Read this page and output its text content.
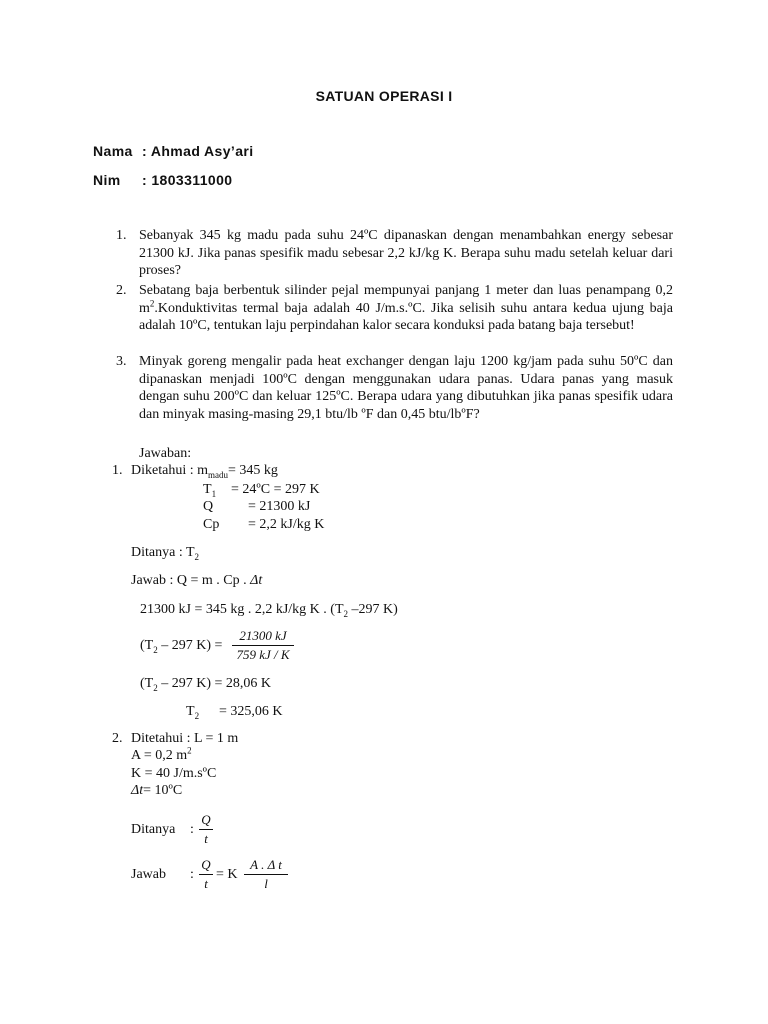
SATUAN OPERASI I
Nama : Ahmad Asy’ari
Nim : 1803311000
1. Sebanyak 345 kg madu pada suhu 24ºC dipanaskan dengan menambahkan energy sebesar 21300 kJ. Jika panas spesifik madu sebesar 2,2 kJ/kg K. Berapa suhu madu setelah keluar dari proses?
2. Sebatang baja berbentuk silinder pejal mempunyai panjang 1 meter dan luas penampang 0,2 $m^2.Konduktivitas$ termal baja adalah 40 J/m.s.ºC. Jika selisih suhu antara kedua ujung baja adalah 10ºC, tentukan laju perpindahan kalor secara konduksi pada batang baja tersebut!
3. Minyak goreng mengalir pada heat exchanger dengan laju 1200 kg/jam pada suhu 50ºC dan dipanaskan menjadi 100ºC dengan menggunakan udara panas. Udara panas yang masuk dengan suhu 200ºC dan keluar 125ºC. Berapa udara yang dibutuhkan jika panas spesifik udara dan minyak masing-masing 29,1 btu/lb ºF dan 0,45 btu/lbºF?
Jawaban:
1. Diketahui : $m_{madu}= 345$ kg
$T_1$ = 24ºC = 297 K
Q = 21300 kJ
Cp = 2,2 kJ/kg K
Ditanya : $T_2$
Jawab : Q = m . Cp . Δt
21300 kJ = 345 kg . 2,2 kJ/kg K . ($T_2$ –297 K)
($T_2 - 297$ K) =
21300 kJ
759 kJ / K
($T_2 - 297$ K) = 28,06 K
$T_2 = 325,06$ K
2. Ditetahui : L = 1 m
A = 0,2 $m^2$
K = 40 J/m.sºC
Δt= 10ºC
Ditanya :
Q
t
Jawab :
Q
t
= K
A . Δ t
l
